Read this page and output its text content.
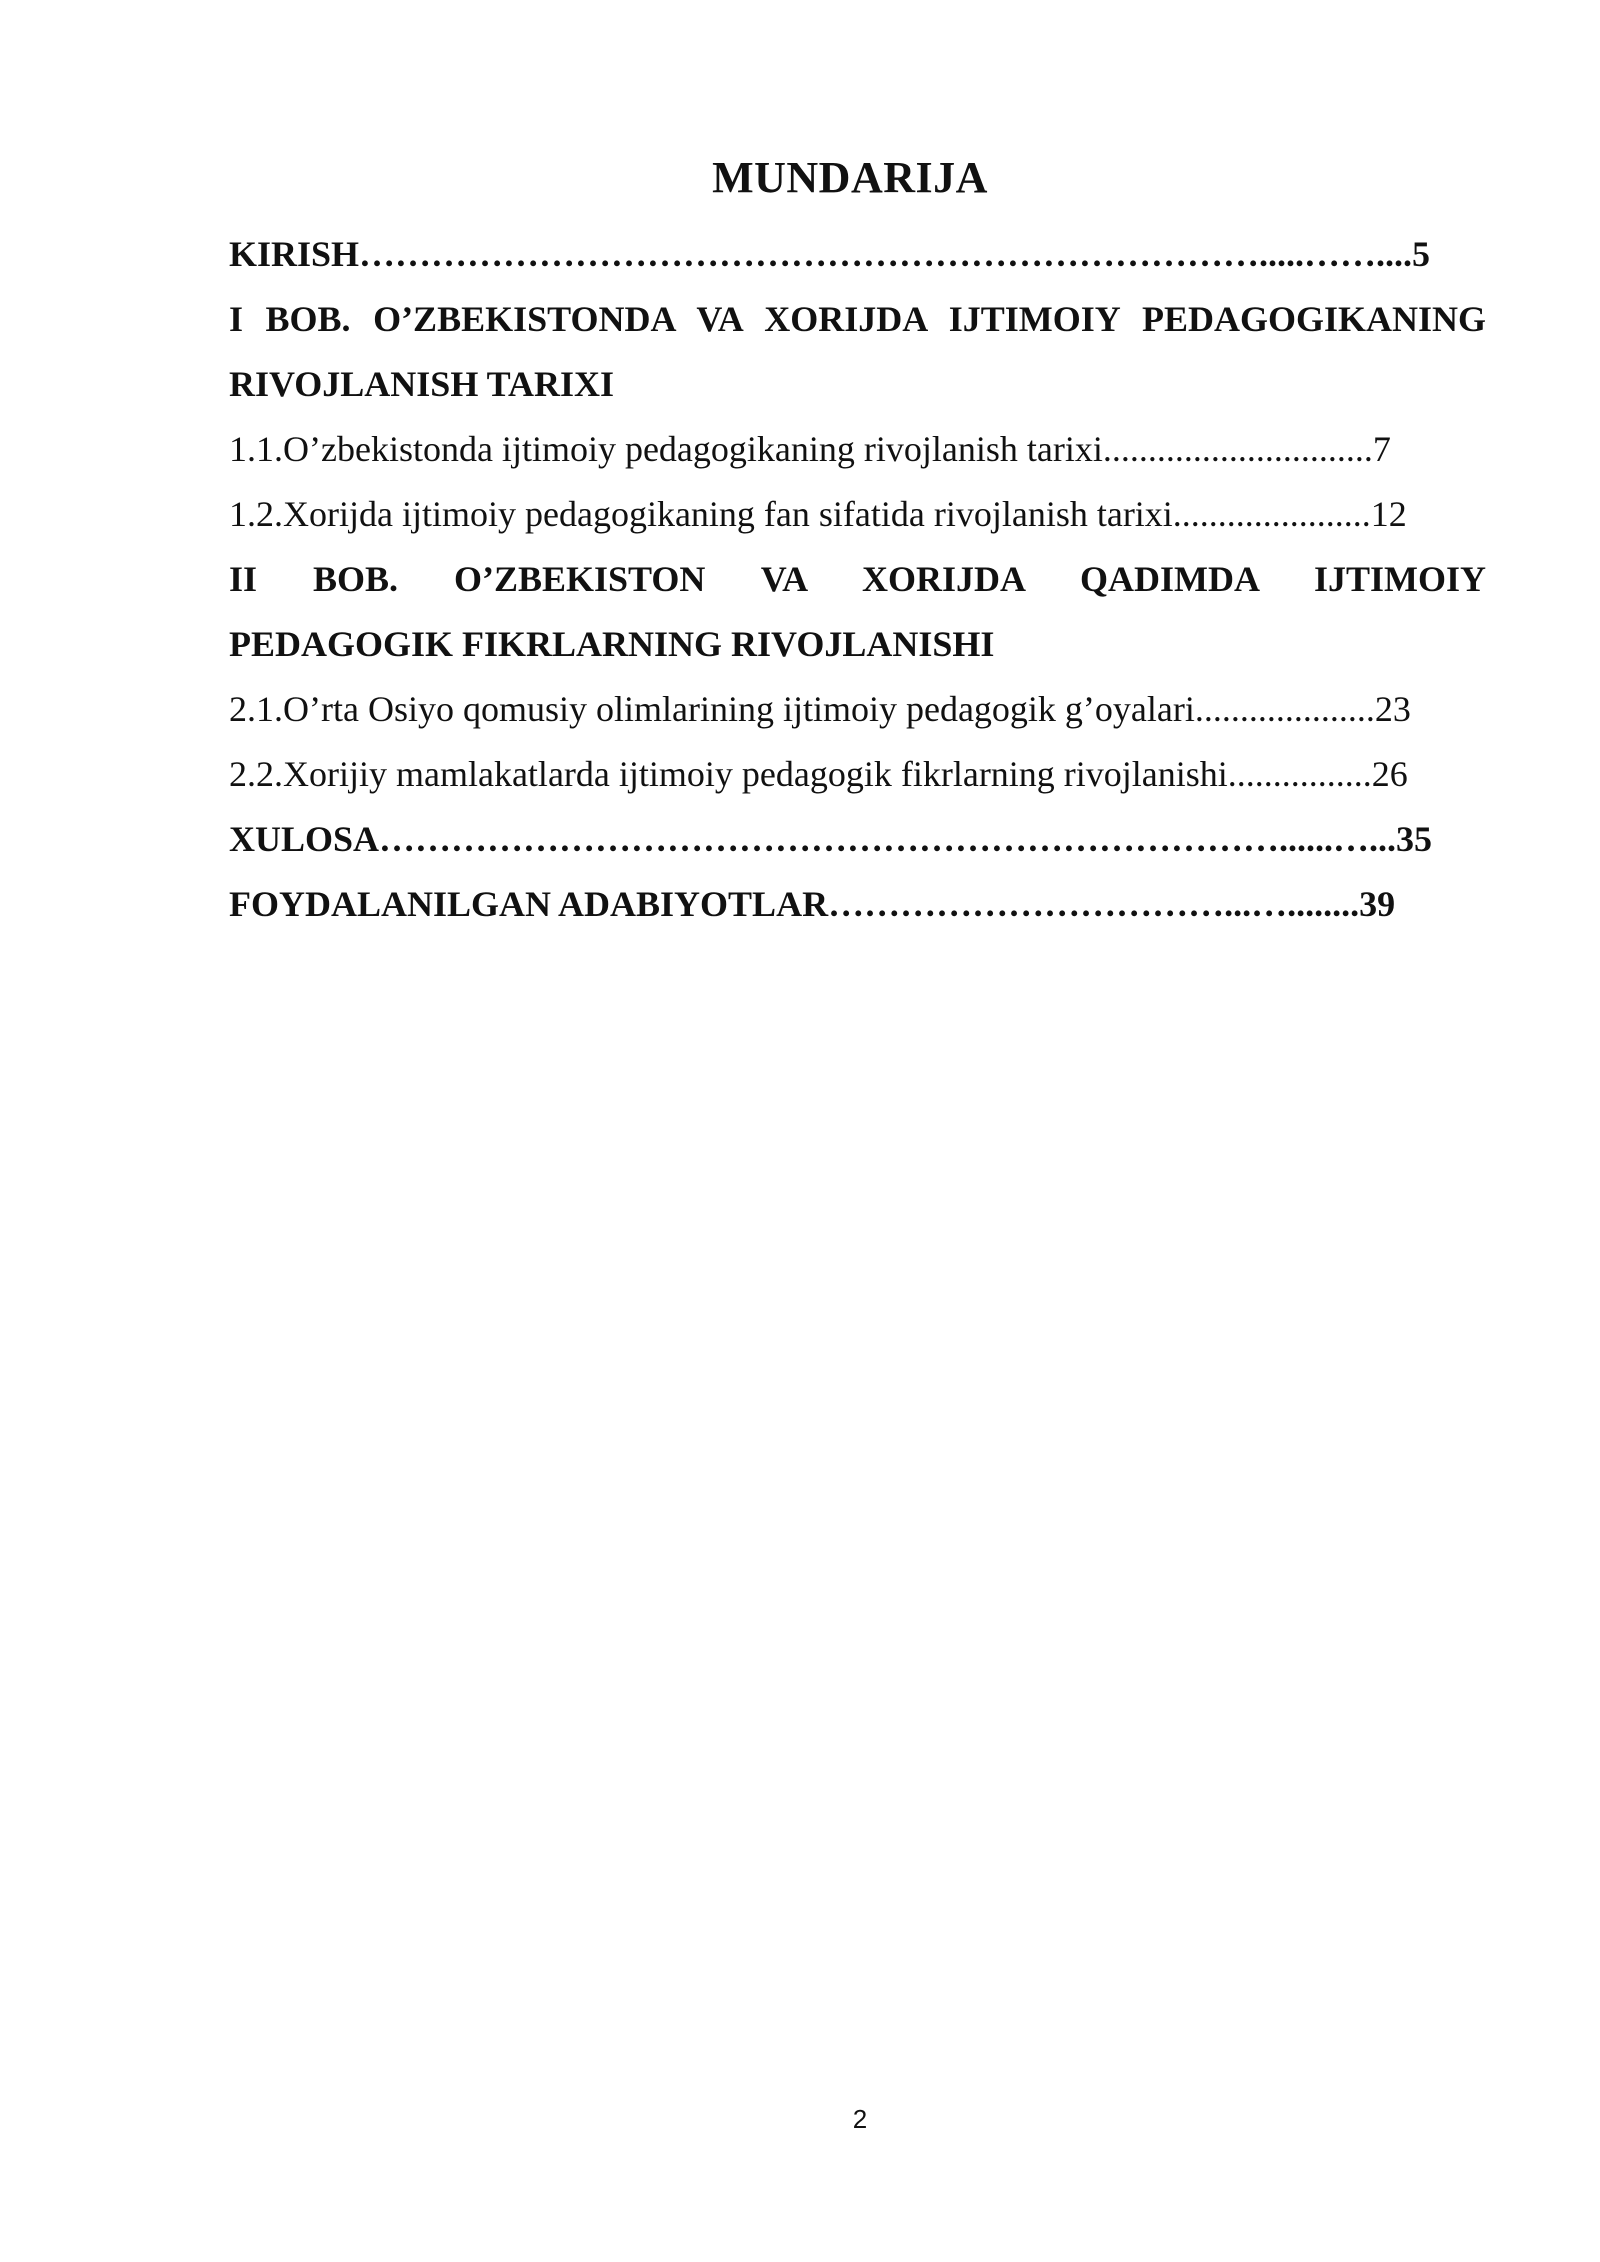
MUNDARIJA
KIRISH………………………………………………………………….....……....5
I BOB. O’ZBEKISTONDA VA XORIJDA IJTIMOIY PEDAGOGIKANING
RIVOJLANISH TARIXI
1.1.O’zbekistonda ijtimoiy pedagogikaning rivojlanish tarixi..............................7
1.2.Xorijda ijtimoiy pedagogikaning fan sifatida rivojlanish tarixi......................12
II BOB. O’ZBEKISTON VA XORIJDA QADIMDA IJTIMOIY
PEDAGOGIK FIKRLARNING RIVOJLANISHI
2.1.O’rta Osiyo qomusiy olimlarining ijtimoiy pedagogik g’oyalari....................23
2.2.Xorijiy mamlakatlarda ijtimoiy pedagogik fikrlarning rivojlanishi................26
XULOSA…………………………………………………………………......…...35
FOYDALANILGAN ADABIYOTLAR……………………………...…........39
2
